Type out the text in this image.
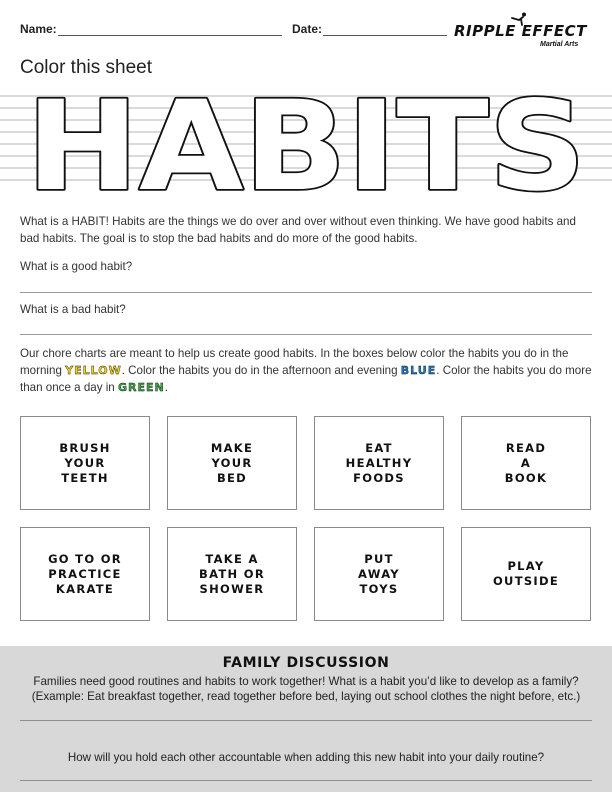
Name:	Date:	RIPPLE EFFECT
Martial Arts
Color this sheet
HABITS
What is a HABIT! Habits are the things we do over and over without even thinking. We have good habits and bad habits. The goal is to stop the bad habits and do more of the good habits.
What is a good habit?
What is a bad habit?
Our chore charts are meant to help us create good habits. In the boxes below color the habits you do in the morning YELLOW. Color the habits you do in the afternoon and evening BLUE. Color the habits you do more than once a day in GREEN.
BRUSH
YOUR
TEETH
MAKE
YOUR
BED
EAT
HEALTHY
FOODS
READ
A
BOOK
GO TO OR
PRACTICE
KARATE
TAKE A
BATH OR
SHOWER
PUT
AWAY
TOYS
PLAY
OUTSIDE
FAMILY DISCUSSION
Families need good routines and habits to work together! What is a habit you’d like to develop as a family?
(Example: Eat breakfast together, read together before bed, laying out school clothes the night before, etc.)
How will you hold each other accountable when adding this new habit into your daily routine?
